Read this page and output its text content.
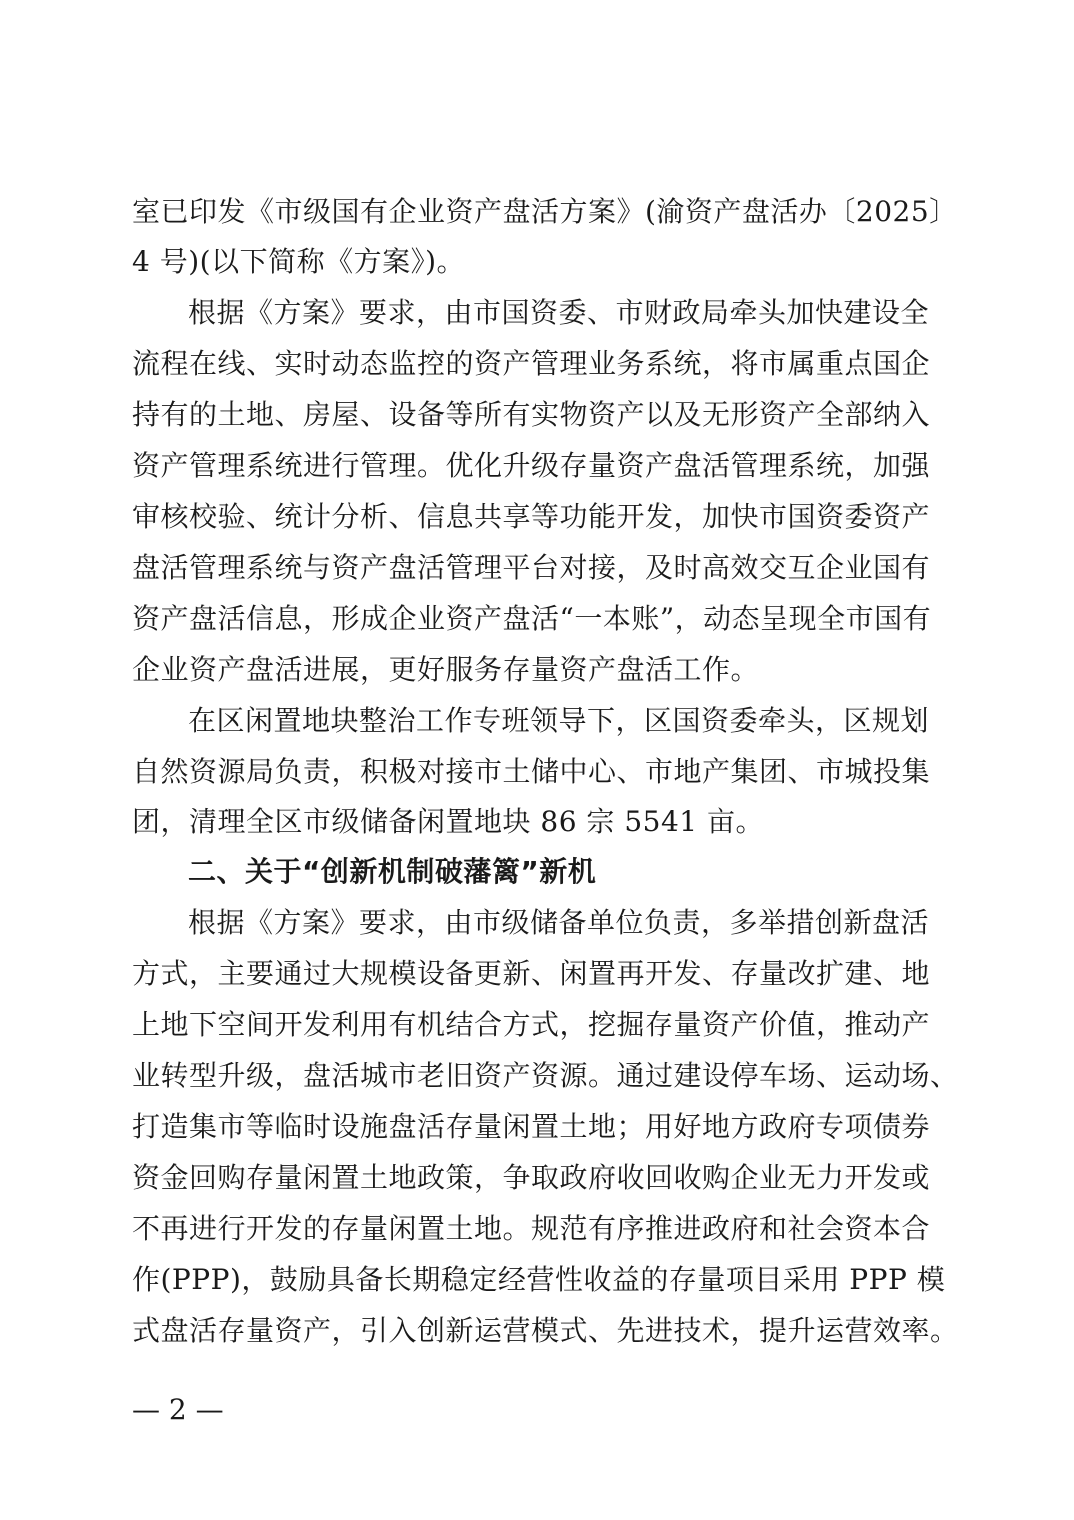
室已印发《市级国有企业资产盘活方案》(渝资产盘活办〔2025〕
4 号)(以下简称《方案》)。
根据《方案》要求，由市国资委、市财政局牵头加快建设全
流程在线、实时动态监控的资产管理业务系统，将市属重点国企
持有的土地、房屋、设备等所有实物资产以及无形资产全部纳入
资产管理系统进行管理。优化升级存量资产盘活管理系统，加强
审核校验、统计分析、信息共享等功能开发，加快市国资委资产
盘活管理系统与资产盘活管理平台对接，及时高效交互企业国有
资产盘活信息，形成企业资产盘活“一本账”，动态呈现全市国有
企业资产盘活进展，更好服务存量资产盘活工作。
在区闲置地块整治工作专班领导下，区国资委牵头，区规划
自然资源局负责，积极对接市土储中心、市地产集团、市城投集
团，清理全区市级储备闲置地块 86 宗 5541 亩。
二、关于“创新机制破藩篱”新机
根据《方案》要求，由市级储备单位负责，多举措创新盘活
方式，主要通过大规模设备更新、闲置再开发、存量改扩建、地
上地下空间开发利用有机结合方式，挖掘存量资产价值，推动产
业转型升级，盘活城市老旧资产资源。通过建设停车场、运动场、
打造集市等临时设施盘活存量闲置土地；用好地方政府专项债券
资金回购存量闲置土地政策，争取政府收回收购企业无力开发或
不再进行开发的存量闲置土地。规范有序推进政府和社会资本合
作(PPP)，鼓励具备长期稳定经营性收益的存量项目采用 PPP 模
式盘活存量资产，引入创新运营模式、先进技术，提升运营效率。
— 2 —
